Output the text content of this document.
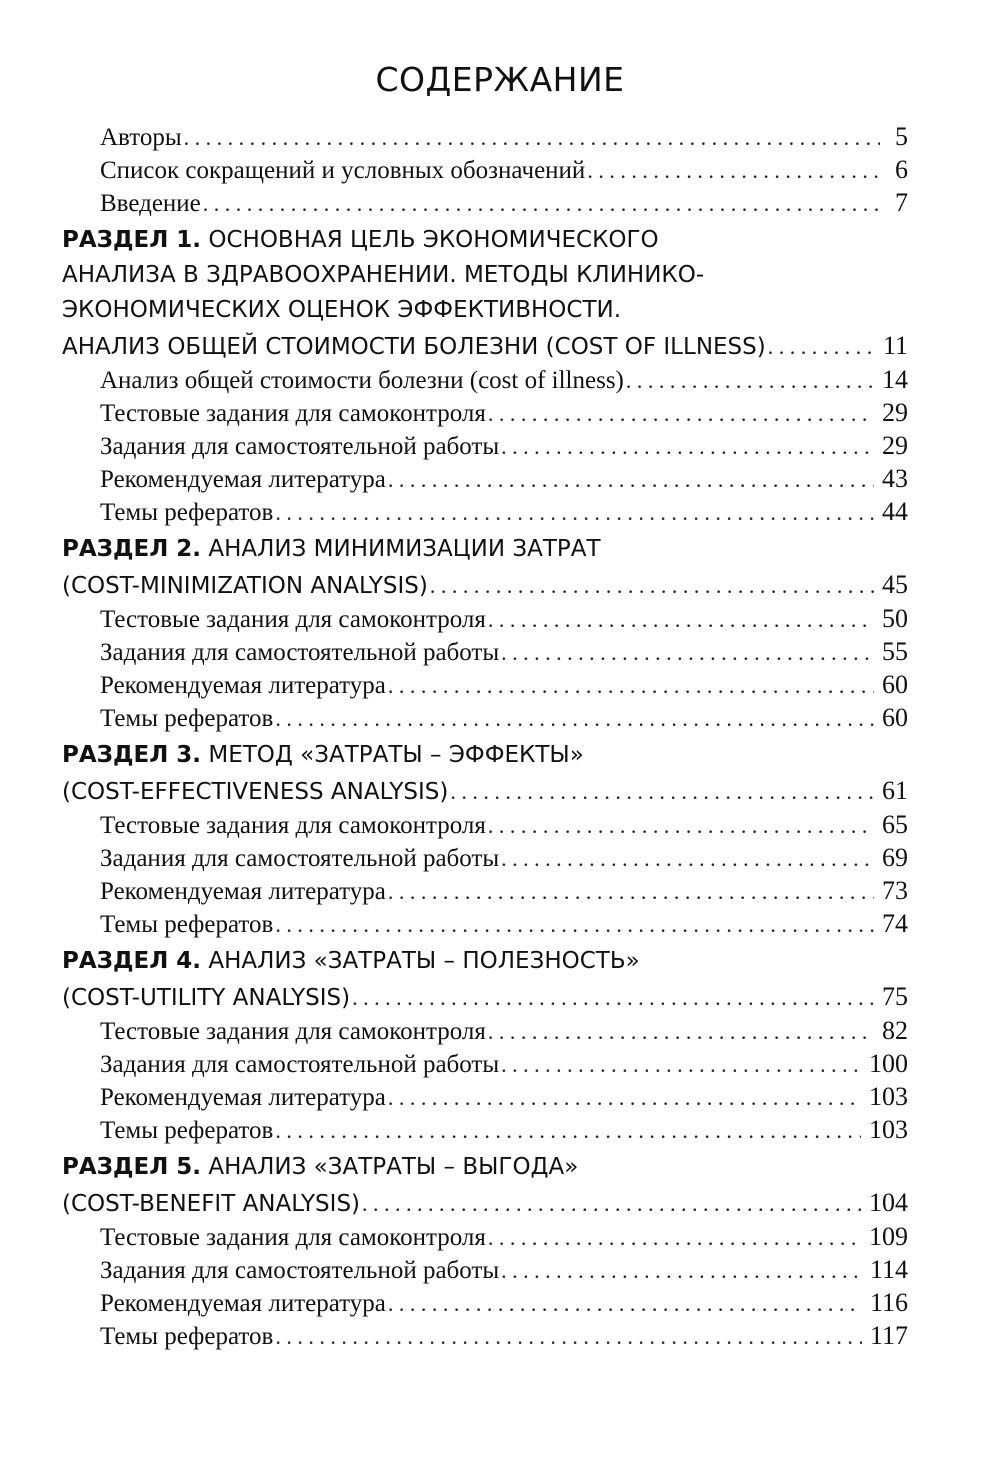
СОДЕРЖАНИЕ
Авторы . . .	5
Список сокращений и условных обозначений . . .	6
Введение . . .	7
РАЗДЕЛ 1. ОСНОВНАЯ ЦЕЛЬ ЭКОНОМИЧЕСКОГО
АНАЛИЗА В ЗДРАВООХРАНЕНИИ. МЕТОДЫ КЛИНИКО-
ЭКОНОМИЧЕСКИХ ОЦЕНОК ЭФФЕКТИВНОСТИ.
АНАЛИЗ ОБЩЕЙ СТОИМОСТИ БОЛЕЗНИ (COST OF ILLNESS) . . .	11
Анализ общей стоимости болезни (cost of illness) . . .	14
Тестовые задания для самоконтроля . . .	29
Задания для самостоятельной работы . . .	29
Рекомендуемая литература . . .	43
Темы рефератов . . .	44
РАЗДЕЛ 2. АНАЛИЗ МИНИМИЗАЦИИ ЗАТРАТ
(COST-MINIMIZATION ANALYSIS) . . .	45
Тестовые задания для самоконтроля . . .	50
Задания для самостоятельной работы . . .	55
Рекомендуемая литература . . .	60
Темы рефератов . . .	60
РАЗДЕЛ 3. МЕТОД «ЗАТРАТЫ – ЭФФЕКТЫ»
(COST-EFFECTIVENESS ANALYSIS) . . .	61
Тестовые задания для самоконтроля . . .	65
Задания для самостоятельной работы . . .	69
Рекомендуемая литература . . .	73
Темы рефератов . . .	74
РАЗДЕЛ 4. АНАЛИЗ «ЗАТРАТЫ – ПОЛЕЗНОСТЬ»
(COST-UTILITY ANALYSIS) . . .	75
Тестовые задания для самоконтроля . . .	82
Задания для самостоятельной работы . . .	100
Рекомендуемая литература . . .	103
Темы рефератов . . .	103
РАЗДЕЛ 5. АНАЛИЗ «ЗАТРАТЫ – ВЫГОДА»
(COST-BENEFIT ANALYSIS) . . .	104
Тестовые задания для самоконтроля . . .	109
Задания для самостоятельной работы . . .	114
Рекомендуемая литература . . .	116
Темы рефератов . . .	117
